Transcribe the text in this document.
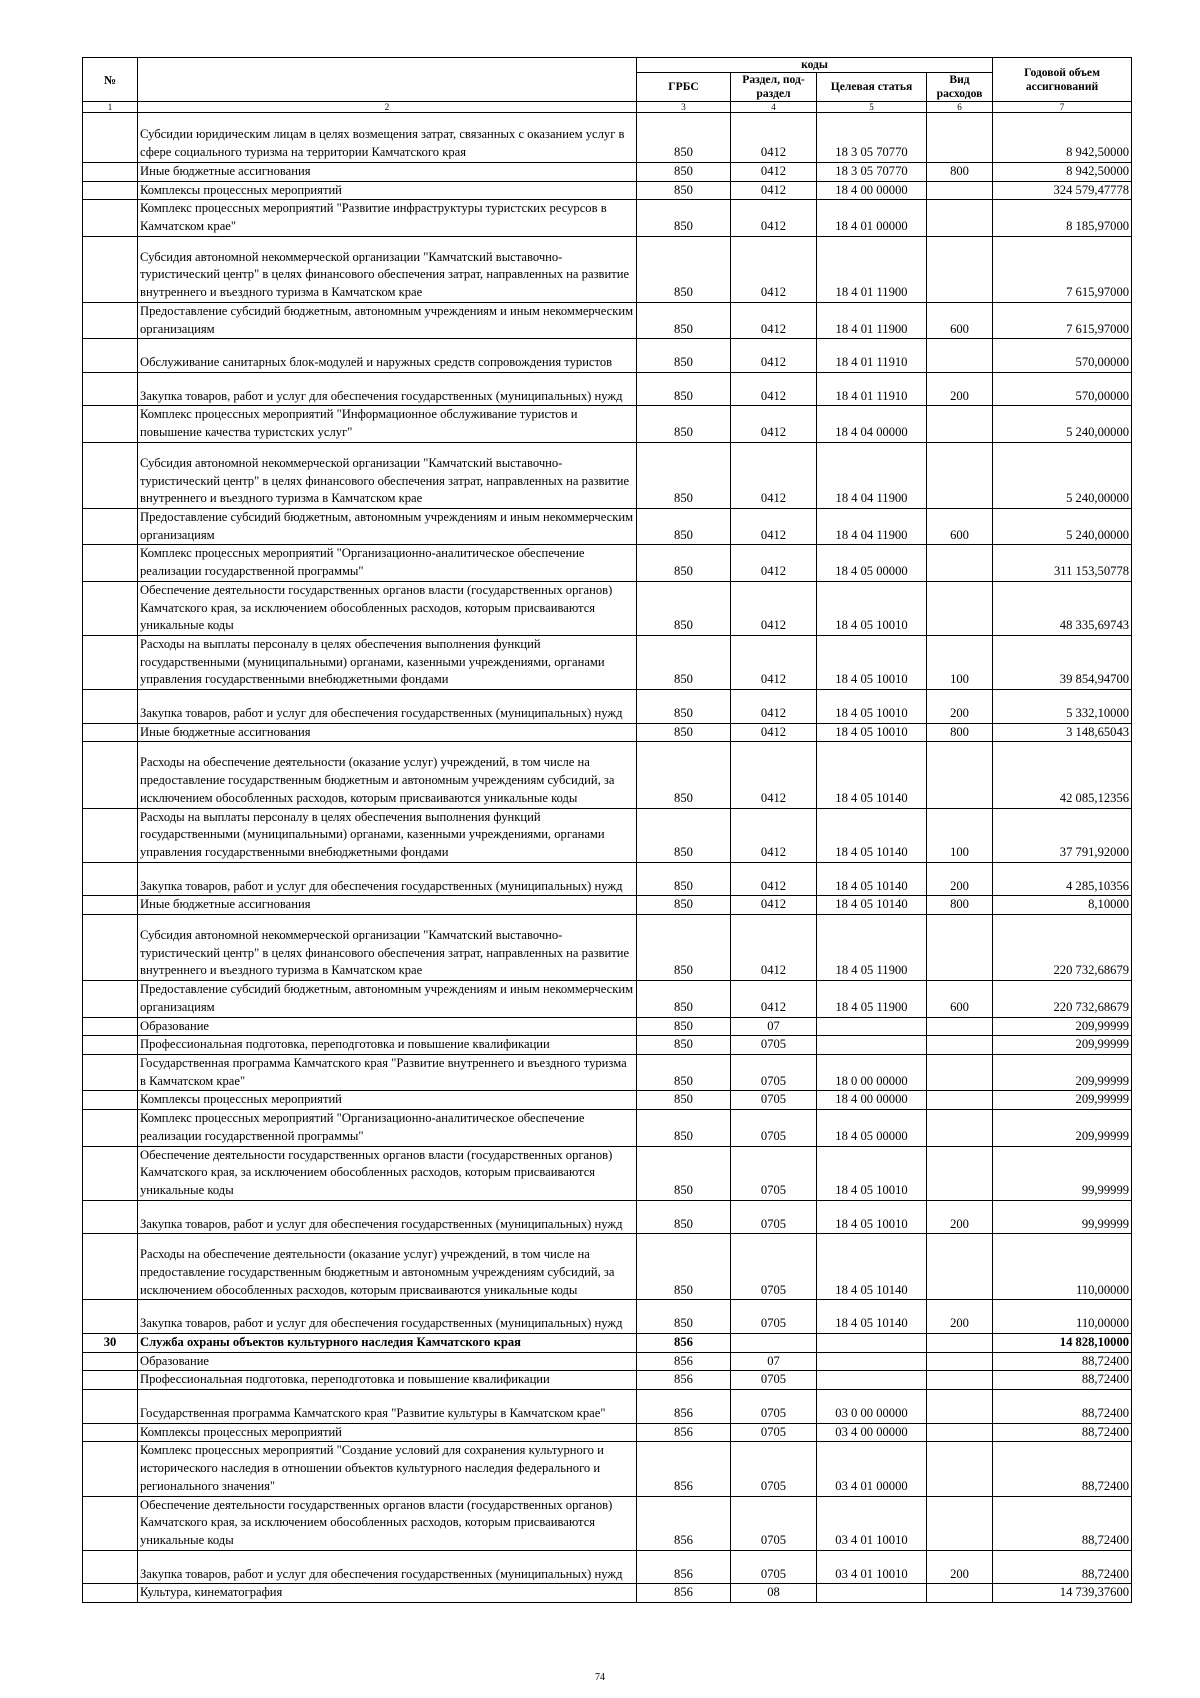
№		коды				Годовой объем ассигнований
		ГРБС	Раздел, под-раздел	Целевая статья	Вид расходов	
1	2	3	4	5	6	7
	Субсидии юридическим лицам в целях возмещения затрат, связанных с оказанием услуг в сфере социального туризма на территории Камчатского края	850	0412	18 3 05 70770		8 942,50000
	Иные бюджетные ассигнования	850	0412	18 3 05 70770	800	8 942,50000
	Комплексы процессных мероприятий	850	0412	18 4 00 00000		324 579,47778
	Комплекс процессных мероприятий "Развитие инфраструктуры туристских ресурсов в Камчатском крае"	850	0412	18 4 01 00000		8 185,97000
	Субсидия автономной некоммерческой организации "Камчатский выставочно-туристический центр" в целях финансового обеспечения затрат, направленных на развитие внутреннего и въездного туризма в Камчатском крае	850	0412	18 4 01 11900		7 615,97000
	Предоставление субсидий бюджетным, автономным учреждениям и иным некоммерческим организациям	850	0412	18 4 01 11900	600	7 615,97000
	Обслуживание санитарных блок-модулей и наружных средств сопровождения туристов	850	0412	18 4 01 11910		570,00000
	Закупка товаров, работ и услуг для обеспечения государственных (муниципальных) нужд	850	0412	18 4 01 11910	200	570,00000
	Комплекс процессных мероприятий "Информационное обслуживание туристов и повышение качества туристских услуг"	850	0412	18 4 04 00000		5 240,00000
	Субсидия автономной некоммерческой организации "Камчатский выставочно-туристический центр" в целях финансового обеспечения затрат, направленных на развитие внутреннего и въездного туризма в Камчатском крае	850	0412	18 4 04 11900		5 240,00000
	Предоставление субсидий бюджетным, автономным учреждениям и иным некоммерческим организациям	850	0412	18 4 04 11900	600	5 240,00000
	Комплекс процессных мероприятий "Организационно-аналитическое обеспечение реализации государственной программы"	850	0412	18 4 05 00000		311 153,50778
	Обеспечение деятельности государственных органов власти (государственных органов) Камчатского края, за исключением обособленных расходов, которым присваиваются уникальные коды	850	0412	18 4 05 10010		48 335,69743
	Расходы на выплаты персоналу в целях обеспечения выполнения функций государственными (муниципальными) органами, казенными учреждениями, органами управления государственными внебюджетными фондами	850	0412	18 4 05 10010	100	39 854,94700
	Закупка товаров, работ и услуг для обеспечения государственных (муниципальных) нужд	850	0412	18 4 05 10010	200	5 332,10000
	Иные бюджетные ассигнования	850	0412	18 4 05 10010	800	3 148,65043
	Расходы на обеспечение деятельности (оказание услуг) учреждений, в том числе на предоставление государственным бюджетным и автономным учреждениям субсидий, за исключением обособленных расходов, которым присваиваются уникальные коды	850	0412	18 4 05 10140		42 085,12356
	Расходы на выплаты персоналу в целях обеспечения выполнения функций государственными (муниципальными) органами, казенными учреждениями, органами управления государственными внебюджетными фондами	850	0412	18 4 05 10140	100	37 791,92000
	Закупка товаров, работ и услуг для обеспечения государственных (муниципальных) нужд	850	0412	18 4 05 10140	200	4 285,10356
	Иные бюджетные ассигнования	850	0412	18 4 05 10140	800	8,10000
	Субсидия автономной некоммерческой организации "Камчатский выставочно-туристический центр" в целях финансового обеспечения затрат, направленных на развитие внутреннего и въездного туризма в Камчатском крае	850	0412	18 4 05 11900		220 732,68679
	Предоставление субсидий бюджетным, автономным учреждениям и иным некоммерческим организациям	850	0412	18 4 05 11900	600	220 732,68679
	Образование	850	07			209,99999
	Профессиональная подготовка, переподготовка и повышение квалификации	850	0705			209,99999
	Государственная программа Камчатского края "Развитие внутреннего и въездного туризма в Камчатском крае"	850	0705	18 0 00 00000		209,99999
	Комплексы процессных мероприятий	850	0705	18 4 00 00000		209,99999
	Комплекс процессных мероприятий "Организационно-аналитическое обеспечение реализации государственной программы"	850	0705	18 4 05 00000		209,99999
	Обеспечение деятельности государственных органов власти (государственных органов) Камчатского края, за исключением обособленных расходов, которым присваиваются уникальные коды	850	0705	18 4 05 10010		99,99999
	Закупка товаров, работ и услуг для обеспечения государственных (муниципальных) нужд	850	0705	18 4 05 10010	200	99,99999
	Расходы на обеспечение деятельности (оказание услуг) учреждений, в том числе на предоставление государственным бюджетным и автономным учреждениям субсидий, за исключением обособленных расходов, которым присваиваются уникальные коды	850	0705	18 4 05 10140		110,00000
	Закупка товаров, работ и услуг для обеспечения государственных (муниципальных) нужд	850	0705	18 4 05 10140	200	110,00000
30	Служба охраны объектов культурного наследия Камчатского края	856				14 828,10000
	Образование	856	07			88,72400
	Профессиональная подготовка, переподготовка и повышение квалификации	856	0705			88,72400
	Государственная программа Камчатского края "Развитие культуры в Камчатском крае"	856	0705	03 0 00 00000		88,72400
	Комплексы процессных мероприятий	856	0705	03 4 00 00000		88,72400
	Комплекс процессных мероприятий "Создание условий для сохранения культурного и исторического наследия в отношении объектов культурного наследия федерального и регионального значения"	856	0705	03 4 01 00000		88,72400
	Обеспечение деятельности государственных органов власти (государственных органов) Камчатского края, за исключением обособленных расходов, которым присваиваются уникальные коды	856	0705	03 4 01 10010		88,72400
	Закупка товаров, работ и услуг для обеспечения государственных (муниципальных) нужд	856	0705	03 4 01 10010	200	88,72400
	Культура, кинематография	856	08			14 739,37600
74
